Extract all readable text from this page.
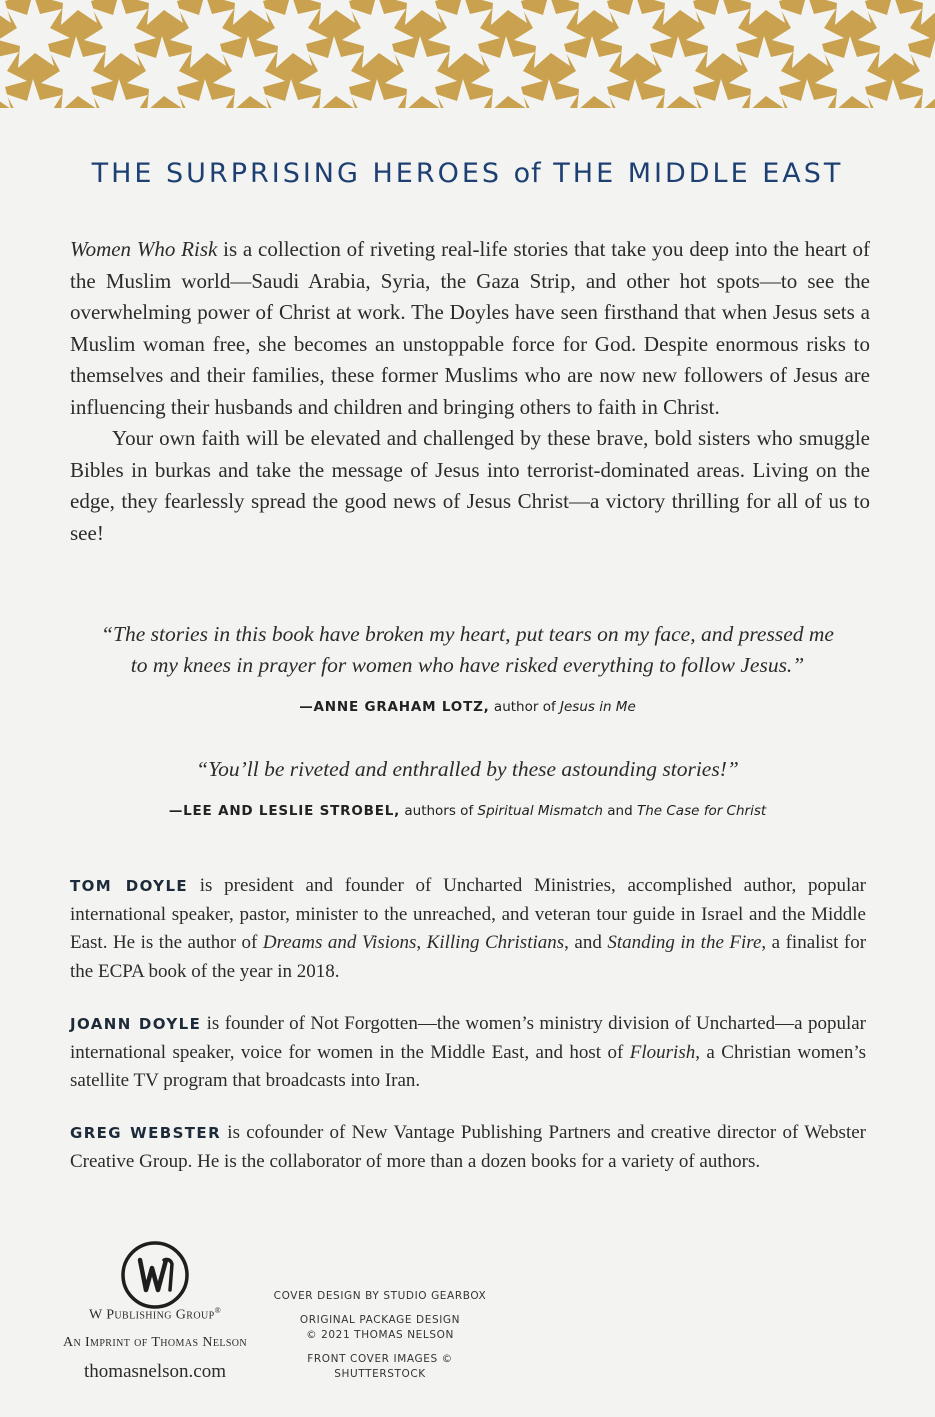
THE SURPRISING HEROES of THE MIDDLE EAST

Women Who Risk is a collection of riveting real-life stories that take you deep into the heart of the Muslim world—Saudi Arabia, Syria, the Gaza Strip, and other hot spots—to see the overwhelming power of Christ at work. The Doyles have seen firsthand that when Jesus sets a Muslim woman free, she becomes an unstoppable force for God. Despite enormous risks to themselves and their families, these former Muslims who are now new followers of Jesus are influencing their husbands and children and bringing others to faith in Christ.

Your own faith will be elevated and challenged by these brave, bold sisters who smuggle Bibles in burkas and take the message of Jesus into terrorist-dominated areas. Living on the edge, they fearlessly spread the good news of Jesus Christ—a victory thrilling for all of us to see!

“The stories in this book have broken my heart, put tears on my face, and pressed me
to my knees in prayer for women who have risked everything to follow Jesus.”
—ANNE GRAHAM LOTZ, author of Jesus in Me
“You’ll be riveted and enthralled by these astounding stories!”
—LEE AND LESLIE STROBEL, authors of Spiritual Mismatch and The Case for Christ
TOM DOYLE is president and founder of Uncharted Ministries, accomplished author, popular international speaker, pastor, minister to the unreached, and veteran tour guide in Israel and the Middle East. He is the author of Dreams and Visions, Killing Christians, and Standing in the Fire, a finalist for the ECPA book of the year in 2018.
JOANN DOYLE is founder of Not Forgotten—the women’s ministry division of Uncharted—a popular international speaker, voice for women in the Middle East, and host of Flourish, a Christian women’s satellite TV program that broadcasts into Iran.
GREG WEBSTER is cofounder of New Vantage Publishing Partners and creative director of Webster Creative Group. He is the collaborator of more than a dozen books for a variety of authors.
W Publishing Group®
An Imprint of Thomas Nelson
thomasnelson.com
COVER DESIGN BY STUDIO GEARBOX
ORIGINAL PACKAGE DESIGN
© 2021 THOMAS NELSON
FRONT COVER IMAGES ©
SHUTTERSTOCK
